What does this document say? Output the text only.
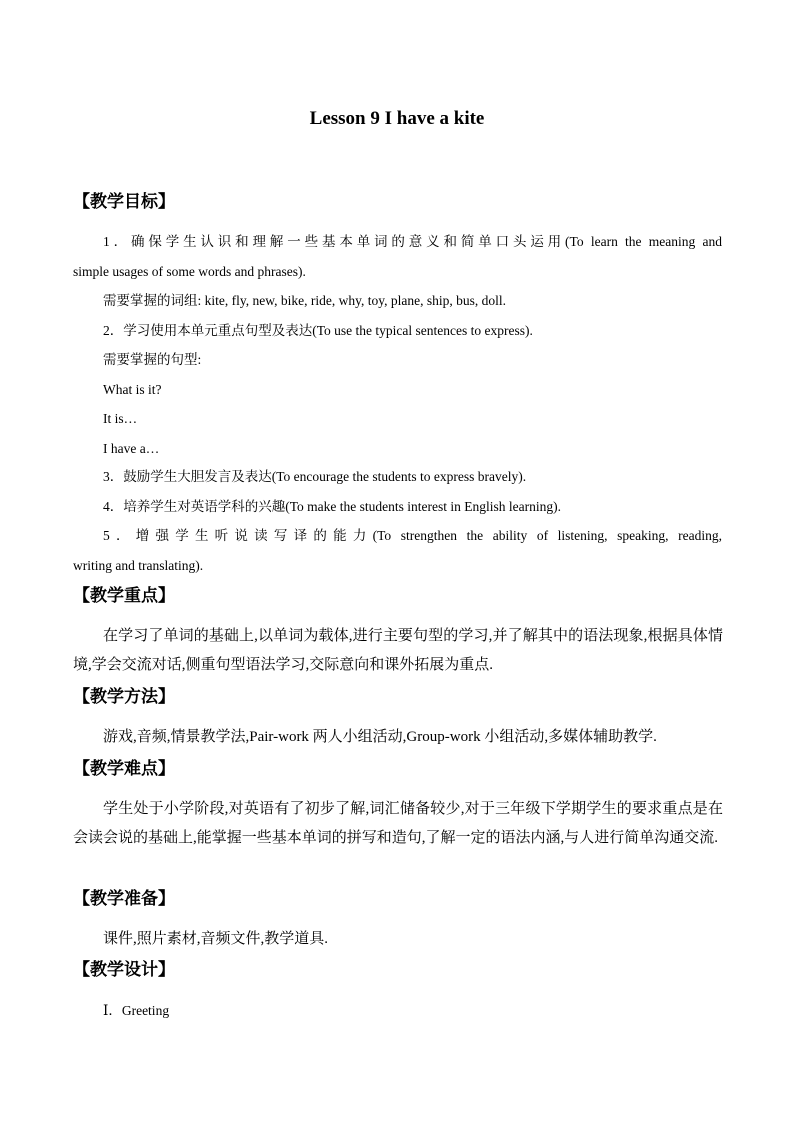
Lesson 9 I have a kite
【教学目标】
1．确保学生认识和理解一些基本单词的意义和简单口头运用(To learn the meaning and
simple usages of some words and phrases).
需要掌握的词组: kite, fly, new, bike, ride, why, toy, plane, ship, bus, doll.
2．学习使用本单元重点句型及表达(To use the typical sentences to express).
需要掌握的句型:
What is it?
It is…
I have a…
3．鼓励学生大胆发言及表达(To encourage the students to express bravely).
4．培养学生对英语学科的兴趣(To make the students interest in English learning).
5．增强学生听说读写译的能力(To strengthen the ability of listening, speaking, reading,
writing and translating).
【教学重点】
在学习了单词的基础上,以单词为载体,进行主要句型的学习,并了解其中的语法现象,根据具体情境,学会交流对话,侧重句型语法学习,交际意向和课外拓展为重点.
【教学方法】
游戏,音频,情景教学法,Pair-work 两人小组活动,Group-work 小组活动,多媒体辅助教学.
【教学难点】
学生处于小学阶段,对英语有了初步了解,词汇储备较少,对于三年级下学期学生的要求重点是在会读会说的基础上,能掌握一些基本单词的拼写和造句,了解一定的语法内涵,与人进行简单沟通交流.
【教学准备】
课件,照片素材,音频文件,教学道具.
【教学设计】
Ⅰ．Greeting
